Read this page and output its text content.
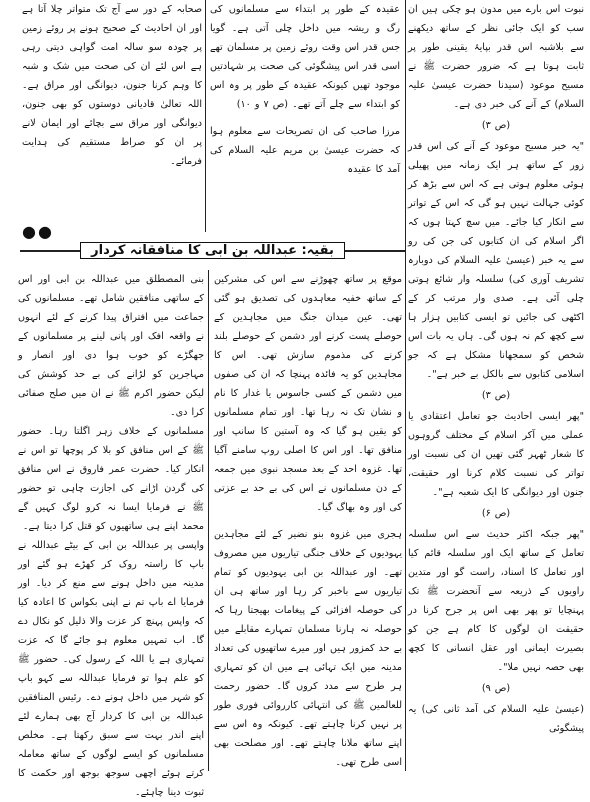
نبوت اس بارے میں مدون ہو چکی ہیں ان سب کو ایک جائی نظر کے ساتھ دیکھنے سے بلاشبہ اس قدر بپایۂ یقینی طور پر ثابت ہوتا ہے کہ ضرور حضرت ﷺ نے مسیح موعود (سیدنا حضرت عیسیٰ علیہ السلام) کے آنے کی خبر دی ہے۔

(ص ۳)

"یہ خبر مسیح موعود کے آنے کی اس قدر زور کے ساتھ ہر ایک زمانہ میں پھیلی ہوئی معلوم ہوتی ہے کہ اس سے بڑھ کر کوئی جہالت نہیں ہو گی کہ اس کے تواتر سے انکار کیا جائے۔ میں سچ کہتا ہوں کہ اگر اسلام کی ان کتابوں کی جن کی رو سے یہ خبر (عیسیٰ علیہ السلام کی دوبارہ تشریف آوری کی) سلسلہ وار شائع ہوتی چلی آئی ہے۔ صدی وار مرتب کر کے اکٹھی کی جائیں تو ایسی کتابیں ہزار ہا سے کچھ کم نہ ہوں گی۔ ہاں یہ بات اس شخص کو سمجھانا مشکل ہے کہ جو اسلامی کتابوں سے بالکل بے خبر ہے"۔

(ص ۳)

"پھر ایسی احادیث جو تعامل اعتقادی یا عملی میں آکر اسلام کے مختلف گروہوں کا شعار ٹھہر گئی تھیں ان کی نسبت اور تواتر کی نسبت کلام کرنا اور حقیقت، جنون اور دیوانگی کا ایک شعبہ ہے"۔

(ص ۶)

"پھر جبکہ اکثر حدیث سے اس سلسلہ تعامل کے ساتھ ایک اور سلسلہ قائم کیا اور تعامل کا اسناد، راست گو اور متدین راویوں کے ذریعہ سے آنحضرت ﷺ تک پہنچایا تو پھر بھی اس پر جرح کرنا در حقیقت ان لوگوں کا کام ہے جن کو بصیرت ایمانی اور عقل انسانی کا کچھ بھی حصہ نہیں ملا"۔

(ص ۹)

(عیسیٰ علیہ السلام کی آمد ثانی کی) یہ پیشگوئی

عقیدہ کے طور پر ابتداء سے مسلمانوں کی رگ و ریشہ میں داخل چلی آتی ہے۔ گویا جس قدر اس وقت روئے زمین پر مسلمان تھے اسی قدر اس پیشگوئی کی صحت پر شہادتیں موجود تھیں کیونکہ عقیدہ کے طور پر وہ اس کو ابتداء سے چلے آتے تھے۔ (ص ۷ و ۱۰)

مرزا صاحب کی ان تصریحات سے معلوم ہوا کہ حضرت عیسیٰ بن مریم علیہ السلام کی آمد کا عقیدہ

صحابہ کے دور سے آج تک متواتر چلا آتا ہے اور ان احادیث کے صحیح ہونے پر روئے زمین پر چودہ سو سالہ امت گواہی دیتی رہی ہے اس لئے ان کی صحت میں شک و شبہ کا وہم کرنا جنون، دیوانگی اور مراق ہے۔ اللہ تعالیٰ قادیانی دوستوں کو بھی جنون، دیوانگی اور مراق سے بچائے اور ایمان لانے پر ان کو صراط مستقیم کی ہدایت فرمائے۔

●●
بقیہ: عبداللہ بن ابی کا منافقانہ کردار

موقع پر ساتھ چھوڑنے سے اس کی مشرکین کے ساتھ خفیہ معاہدوں کی تصدیق ہو گئی تھی۔ عین میدان جنگ میں مجاہدین کے حوصلے پست کرنے اور دشمن کے حوصلے بلند کرنے کی مذموم سازش تھی۔ اس کا مجاہدین کو یہ فائدہ پہنچا کہ ان کی صفوں میں دشمن کے کسی جاسوس یا غدار کا نام و نشان تک نہ رہا تھا۔ اور تمام مسلمانوں کو یقین ہو گیا کہ وہ آستین کا سانپ اور منافق تھا۔ اور اس کا اصلی روپ سامنے آگیا تھا۔ غزوہ احد کے بعد مسجد نبوی میں جمعہ کے دن مسلمانوں نے اس کی بے حد بے عزتی کی اور وہ بھاگ گیا۔

ہجری میں غزوہ بنو نضیر کے لئے مجاہدین یہودیوں کے خلاف جنگی تیاریوں میں مصروف تھے۔ اور عبداللہ بن ابی یہودیوں کو تمام تیاریوں سے باخبر کر رہا اور ساتھ ہی ان کی حوصلہ افزائی کے پیغامات بھیجتا رہا کہ حوصلہ نہ ہارنا مسلمان تمہارے مقابلے میں بے حد کمزور ہیں اور میرے ساتھیوں کی تعداد مدینہ میں ایک تہائی ہے میں ان کو تمہاری ہر طرح سے مدد کروں گا۔ حضور رحمت للعالمین ﷺ کی انتہائی کارروائی فوری طور پر نہیں کرنا چاہتے تھے۔ کیونکہ وہ اس سے اپنے ساتھ ملانا چاہتے تھے۔ اور مصلحت بھی اسی طرح تھی۔

بنی المصطلق میں عبداللہ بن ابی اور اس کے ساتھی منافقین شامل تھے۔ مسلمانوں کی جماعت میں افتراق پیدا کرنے کے لئے انہوں نے واقعہ افک اور پانی لینے پر مسلمانوں کے جھگڑے کو خوب ہوا دی اور انصار و مہاجرین کو لڑانے کی بے حد کوشش کی لیکن حضور اکرم ﷺ نے ان میں صلح صفائی کرا دی۔

مسلمانوں کے خلاف زہر اگلتا رہا۔ حضور ﷺ کے اس منافق کو بلا کر پوچھا تو اس نے انکار کیا۔ حضرت عمر فاروق نے اس منافق کی گردن اڑانے کی اجازت چاہی تو حضور ﷺ نے فرمایا ایسا نہ کرو لوگ کہیں گے محمد اپنے ہی ساتھیوں کو قتل کرا دیتا ہے۔

واپسی پر عبداللہ بن ابی کے بیٹے عبداللہ نے باپ کا راستہ روک کر کھڑے ہو گئے اور مدینہ میں داخل ہونے سے منع کر دیا۔ اور فرمایا اے باپ تم نے اپنی بکواس کا اعادہ کیا کہ واپس پہنچ کر عزت والا ذلیل کو نکال دے گا۔ اب تمہیں معلوم ہو جائے گا کہ عزت تمہاری ہے یا اللہ کے رسول کی۔ حضور ﷺ کو علم ہوا تو فرمایا عبداللہ سے کہو باپ کو شہر میں داخل ہونے دے۔ رئیس المنافقین عبداللہ بن ابی کا کردار آج بھی ہمارے لئے اپنے اندر بہت سے سبق رکھتا ہے۔ مخلص مسلمانوں کو ایسے لوگوں کے ساتھ معاملہ کرتے ہوئے اچھی سوجھ بوجھ اور حکمت کا ثبوت دینا چاہئے۔
